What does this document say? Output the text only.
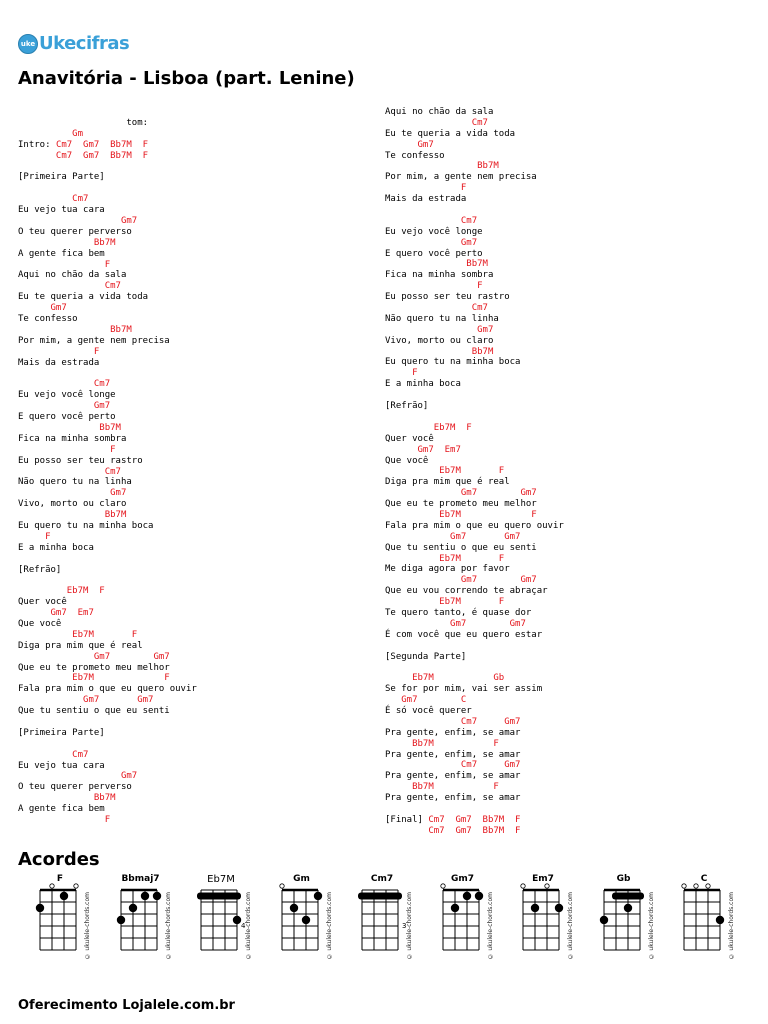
uke Ukecifras
Anavitória - Lisboa (part. Lenine)
tom:
Gm
Intro: Cm7  Gm7  Bb7M  F
Cm7  Gm7  Bb7M  F

[Primeira Parte]

Cm7
Eu vejo tua cara
Gm7
O teu querer perverso
Bb7M
A gente fica bem
F
Aqui no chão da sala
Cm7
Eu te queria a vida toda
Gm7
Te confesso
Bb7M
Por mim, a gente nem precisa
F
Mais da estrada

Cm7
Eu vejo você longe
Gm7
E quero você perto
Bb7M
Fica na minha sombra
F
Eu posso ser teu rastro
Cm7
Não quero tu na linha
Gm7
Vivo, morto ou claro
Bb7M
Eu quero tu na minha boca
F
E a minha boca

[Refrão]

Eb7M  F
Quer você
Gm7  Em7
Que você
Eb7M       F
Diga pra mim que é real
Gm7        Gm7
Que eu te prometo meu melhor
Eb7M             F
Fala pra mim o que eu quero ouvir
Gm7       Gm7
Que tu sentiu o que eu senti

[Primeira Parte]

Cm7
Eu vejo tua cara
Gm7
O teu querer perverso
Bb7M
A gente fica bem
F
Aqui no chão da sala
Cm7
Eu te queria a vida toda
Gm7
Te confesso
Bb7M
Por mim, a gente nem precisa
F
Mais da estrada

Cm7
Eu vejo você longe
Gm7
E quero você perto
Bb7M
Fica na minha sombra
F
Eu posso ser teu rastro
Cm7
Não quero tu na linha
Gm7
Vivo, morto ou claro
Bb7M
Eu quero tu na minha boca
F
E a minha boca

[Refrão]

Eb7M  F
Quer você
Gm7  Em7
Que você
Eb7M       F
Diga pra mim que é real
Gm7        Gm7
Que eu te prometo meu melhor
Eb7M             F
Fala pra mim o que eu quero ouvir
Gm7       Gm7
Que tu sentiu o que eu senti
Eb7M       F
Me diga agora por favor
Gm7        Gm7
Que eu vou correndo te abraçar
Eb7M       F
Te quero tanto, é quase dor
Gm7        Gm7
É com você que eu quero estar

[Segunda Parte]

Eb7M           Gb
Se for por mim, vai ser assim
Gm7        C
É só você querer
Cm7     Gm7
Pra gente, enfim, se amar
Bb7M           F
Pra gente, enfim, se amar
Cm7     Gm7
Pra gente, enfim, se amar
Bb7M           F
Pra gente, enfim, se amar

[Final] Cm7  Gm7  Bb7M  F
Cm7  Gm7  Bb7M  F
Acordes
F
© ukulele-chords.com
Bbmaj7
© ukulele-chords.com
Eb7M
4 © ukulele-chords.com
Gm
© ukulele-chords.com
Cm7
3 © ukulele-chords.com
Gm7
© ukulele-chords.com
Em7
© ukulele-chords.com
Gb
© ukulele-chords.com
C
© ukulele-chords.com
Oferecimento Lojalele.com.br
